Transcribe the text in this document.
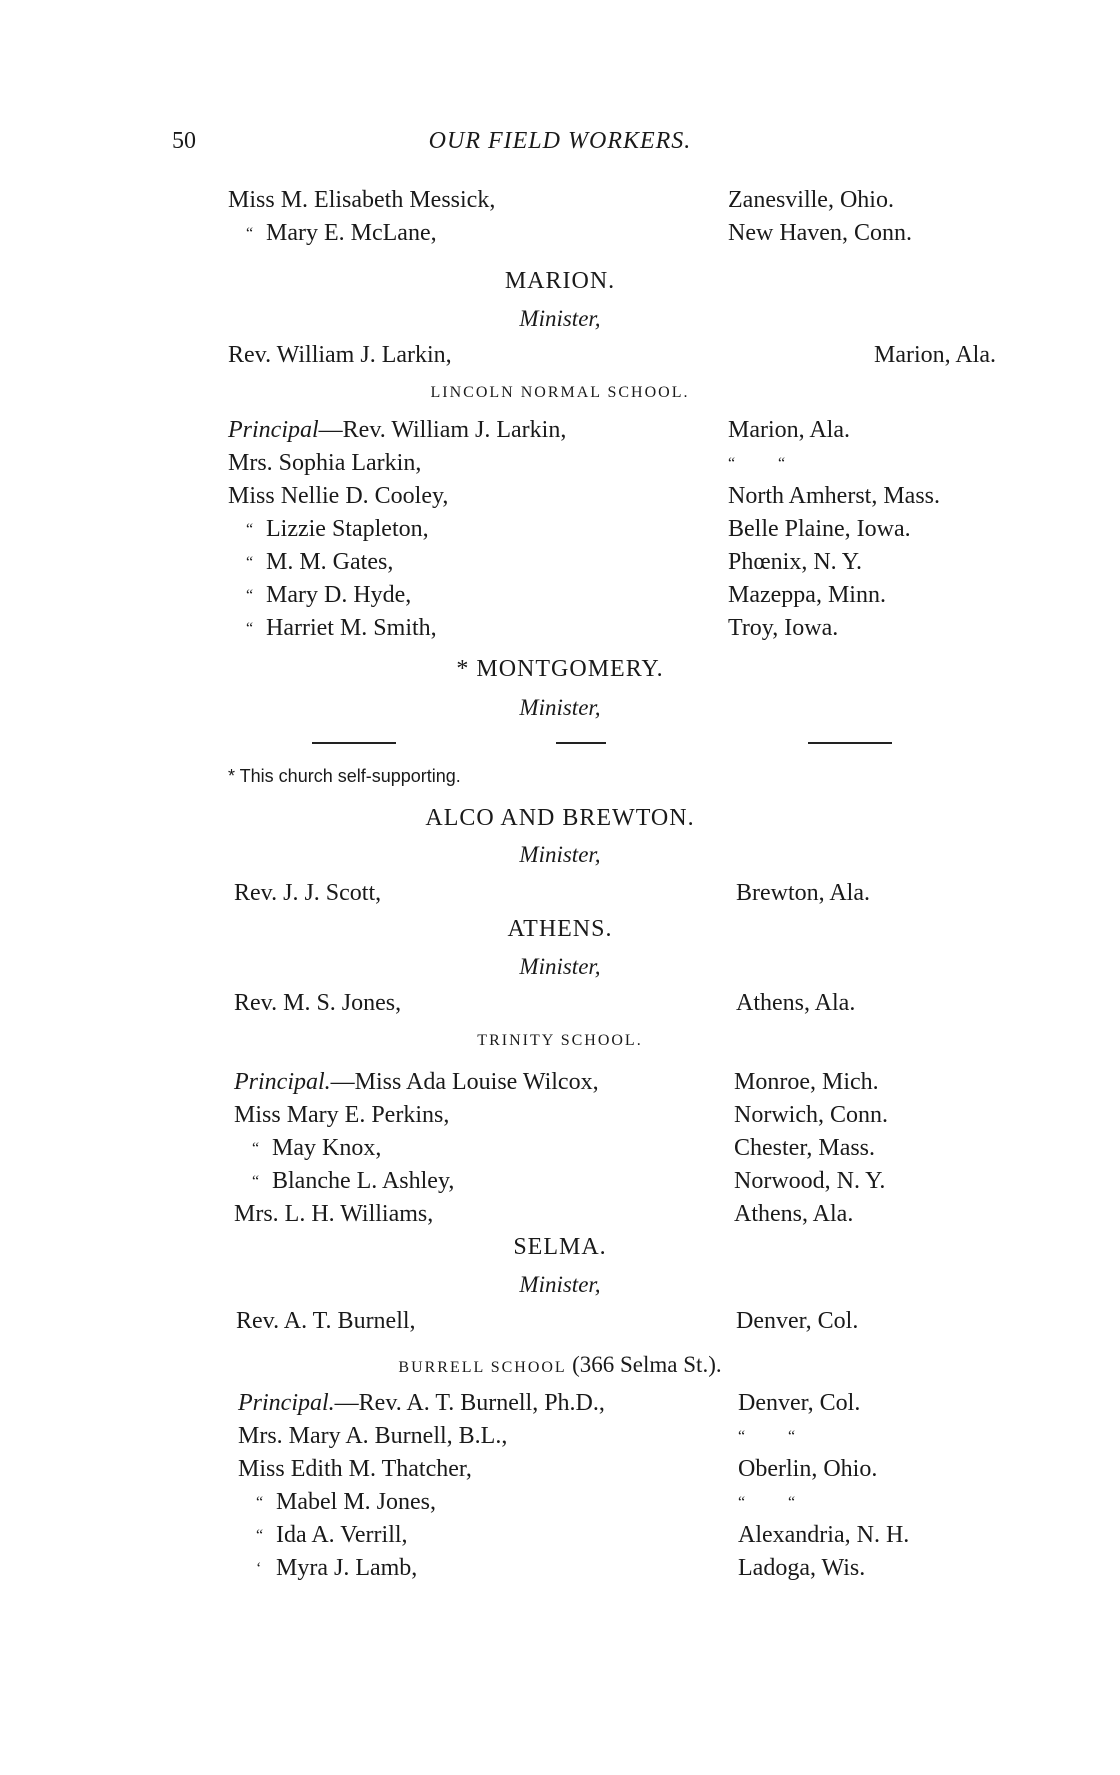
50	OUR FIELD WORKERS.
Miss M. Elisabeth Messick,	Zanesville, Ohio.
“ Mary E. McLane,	New Haven, Conn.
MARION.
Minister,
Rev. William J. Larkin,	Marion, Ala.
LINCOLN NORMAL SCHOOL.
Principal—Rev. William J. Larkin,	Marion, Ala.
Mrs. Sophia Larkin,	“	“
Miss Nellie D. Cooley,	North Amherst, Mass.
“ Lizzie Stapleton,	Belle Plaine, Iowa.
“ M. M. Gates,	Phœnix, N. Y.
“ Mary D. Hyde,	Mazeppa, Minn.
“ Harriet M. Smith,	Troy, Iowa.
* MONTGOMERY.
Minister,
* This church self-supporting.
ALCO AND BREWTON.
Minister,
Rev. J. J. Scott,	Brewton, Ala.
ATHENS.
Minister,
Rev. M. S. Jones,	Athens, Ala.
TRINITY SCHOOL.
Principal.—Miss Ada Louise Wilcox,	Monroe, Mich.
Miss Mary E. Perkins,	Norwich, Conn.
“ May Knox,	Chester, Mass.
“ Blanche L. Ashley,	Norwood, N. Y.
Mrs. L. H. Williams,	Athens, Ala.
SELMA.
Minister,
Rev. A. T. Burnell,	Denver, Col.
BURRELL SCHOOL (366 Selma St.).
Principal.—Rev. A. T. Burnell, Ph.D.,	Denver, Col.
Mrs. Mary A. Burnell, B.L.,	“	“
Miss Edith M. Thatcher,	Oberlin, Ohio.
“ Mabel M. Jones,	“	“
“ Ida A. Verrill,	Alexandria, N. H.
‘ Myra J. Lamb,	Ladoga, Wis.
